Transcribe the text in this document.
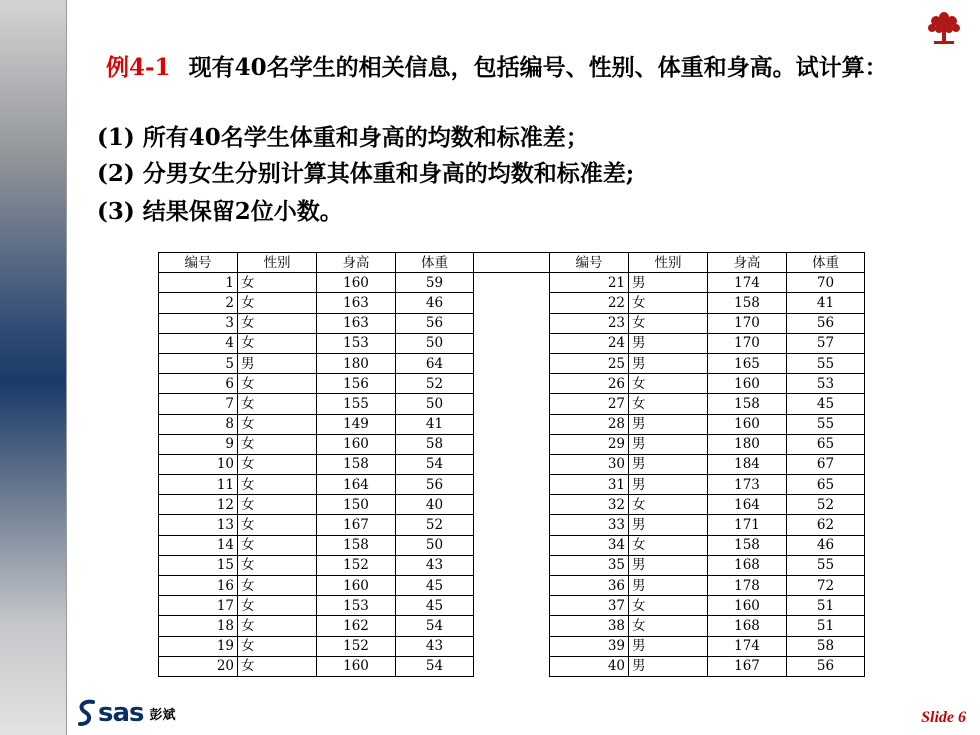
例4-1 现有40名学生的相关信息，包括编号、性别、体重和身高。试计算：
(1) 所有40名学生体重和身高的均数和标准差；
(2) 分男女生分别计算其体重和身高的均数和标准差;
(3) 结果保留2位小数。
编号	性别	身高	体重		编号	性别	身高	体重
1	女	160	59		21	男	174	70
2	女	163	46		22	女	158	41
3	女	163	56		23	女	170	56
4	女	153	50		24	男	170	57
5	男	180	64		25	男	165	55
6	女	156	52		26	女	160	53
7	女	155	50		27	女	158	45
8	女	149	41		28	男	160	55
9	女	160	58		29	男	180	65
10	女	158	54		30	男	184	67
11	女	164	56		31	男	173	65
12	女	150	40		32	女	164	52
13	女	167	52		33	男	171	62
14	女	158	50		34	女	158	46
15	女	152	43		35	男	168	55
16	女	160	45		36	男	178	72
17	女	153	45		37	女	160	51
18	女	162	54		38	女	168	51
19	女	152	43		39	男	174	58
20	女	160	54		40	男	167	56
sas 彭斌	Slide 6
